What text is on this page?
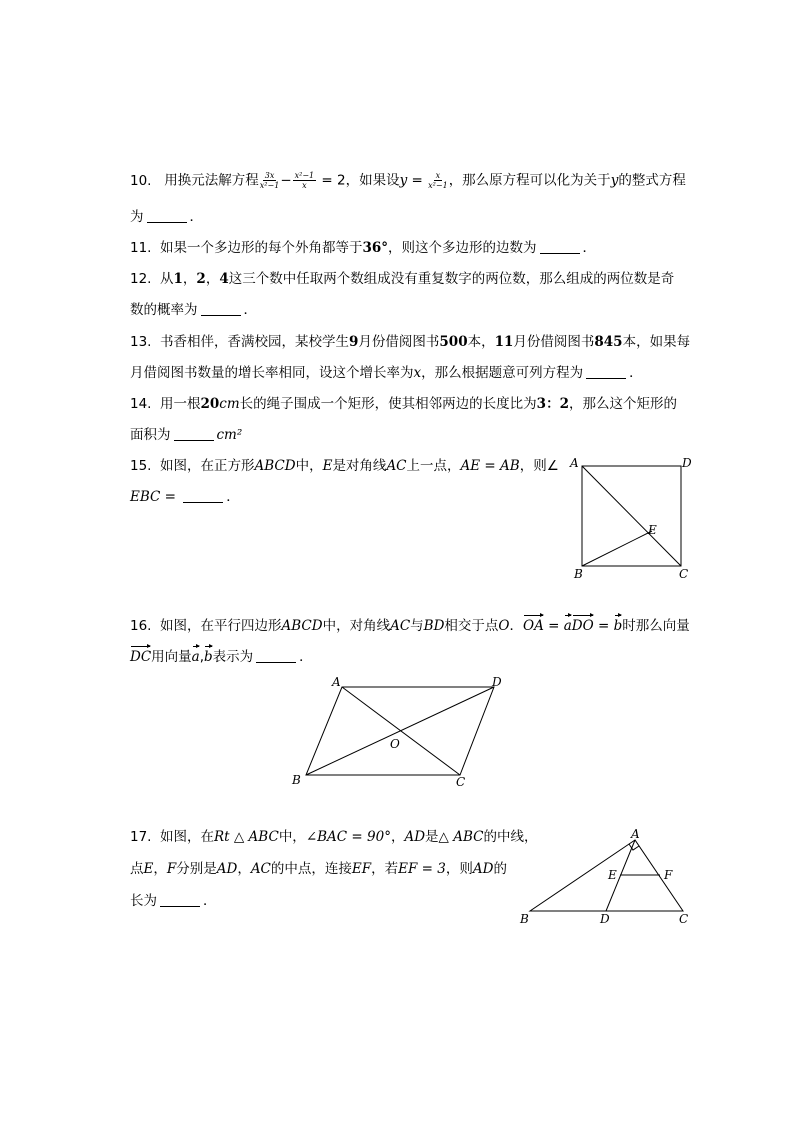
10. 用换元法解方程 $\frac{3x}{\text{x²−1}} - \frac{\text{x²−1}}{x} = 2$，如果设$y = \frac{x}{\text{x²−1}}$ ，那么原方程可以化为关于y的整式方程
为	．
11. 如果一个多边形的每个外角都等于36°，则这个多边形的边数为	．
12. 从1，2，4这三个数中任取两个数组成没有重复数字的两位数，那么组成的两位数是奇
数的概率为	．
13. 书香相伴，香满校园，某校学生9月份借阅图书500本，11月份借阅图书845本，如果每
月借阅图书数量的增长率相同，设这个增长率为x，那么根据题意可列方程为	．
14. 用一根20cm长的绳子围成一个矩形，使其相邻两边的长度比为3：2，那么这个矩形的
面积为	cm²
15. 如图，在正方形ABCD中，E是对角线AC上一点，AE = AB，则∠
EBC =	．
A	D
B	C
E
16. 如图，在平行四边形ABCD中，对角线AC与BD相交于点O．OA = aDO = b时那么向量
DC用向量a,b表示为	．
A	D
B	C
O
17. 如图，在Rt △ ABC中，∠BAC = 90°，AD是△ ABC的中线，
点E，F分别是AD，AC的中点，连接EF，若EF = 3，则AD的
长为	．
A
B	C
D
E	F
